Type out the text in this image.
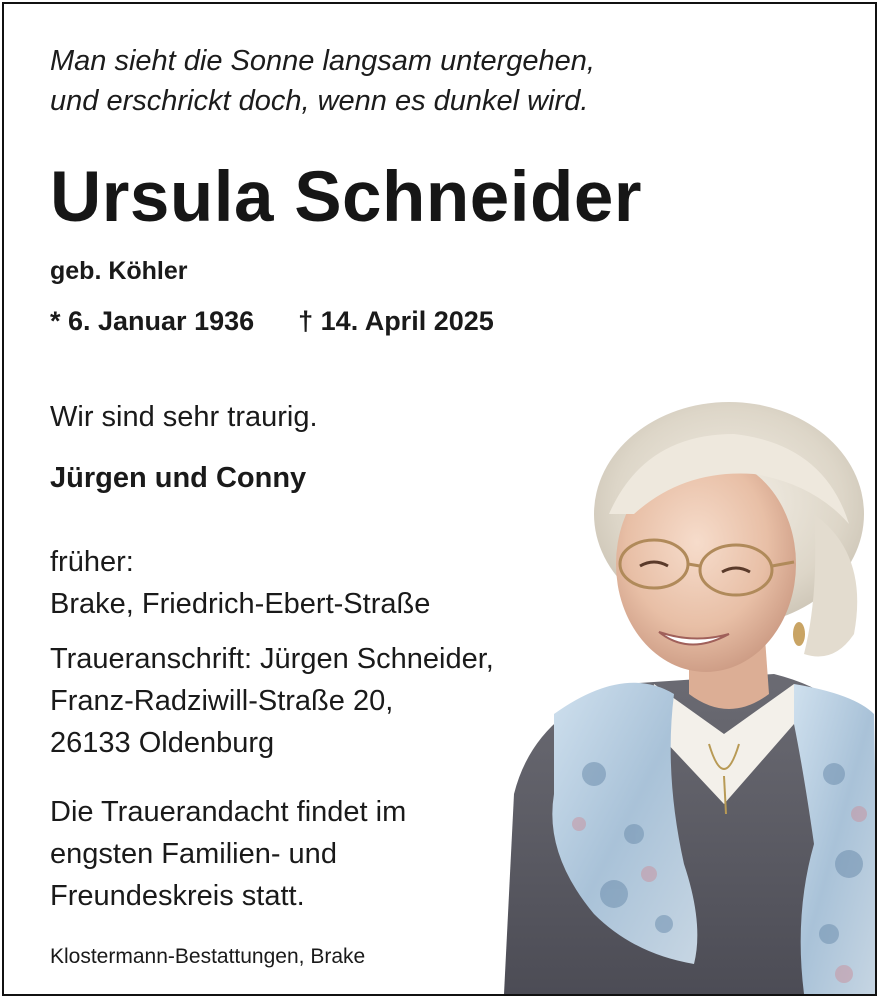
Man sieht die Sonne langsam untergehen,
und erschrickt doch, wenn es dunkel wird.
Ursula Schneider
geb. Köhler
* 6. Januar 1936 † 14. April 2025
Wir sind sehr traurig.
Jürgen und Conny
früher:
Brake, Friedrich-Ebert-Straße
Traueranschrift: Jürgen Schneider,
Franz-Radziwill-Straße 20,
26133 Oldenburg
Die Trauerandacht findet im
engsten Familien- und
Freundeskreis statt.
Klostermann-Bestattungen, Brake
